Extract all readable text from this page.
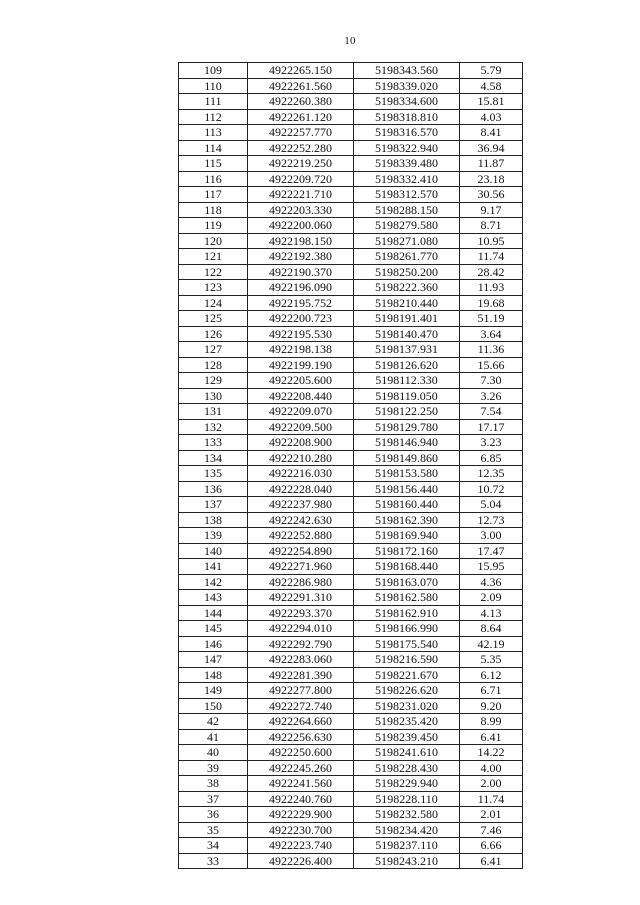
10
109	4922265.150	5198343.560	5.79
110	4922261.560	5198339.020	4.58
111	4922260.380	5198334.600	15.81
112	4922261.120	5198318.810	4.03
113	4922257.770	5198316.570	8.41
114	4922252.280	5198322.940	36.94
115	4922219.250	5198339.480	11.87
116	4922209.720	5198332.410	23.18
117	4922221.710	5198312.570	30.56
118	4922203.330	5198288.150	9.17
119	4922200.060	5198279.580	8.71
120	4922198.150	5198271.080	10.95
121	4922192.380	5198261.770	11.74
122	4922190.370	5198250.200	28.42
123	4922196.090	5198222.360	11.93
124	4922195.752	5198210.440	19.68
125	4922200.723	5198191.401	51.19
126	4922195.530	5198140.470	3.64
127	4922198.138	5198137.931	11.36
128	4922199.190	5198126.620	15.66
129	4922205.600	5198112.330	7.30
130	4922208.440	5198119.050	3.26
131	4922209.070	5198122.250	7.54
132	4922209.500	5198129.780	17.17
133	4922208.900	5198146.940	3.23
134	4922210.280	5198149.860	6.85
135	4922216.030	5198153.580	12.35
136	4922228.040	5198156.440	10.72
137	4922237.980	5198160.440	5.04
138	4922242.630	5198162.390	12.73
139	4922252.880	5198169.940	3.00
140	4922254.890	5198172.160	17.47
141	4922271.960	5198168.440	15.95
142	4922286.980	5198163.070	4.36
143	4922291.310	5198162.580	2.09
144	4922293.370	5198162.910	4.13
145	4922294.010	5198166.990	8.64
146	4922292.790	5198175.540	42.19
147	4922283.060	5198216.590	5.35
148	4922281.390	5198221.670	6.12
149	4922277.800	5198226.620	6.71
150	4922272.740	5198231.020	9.20
42	4922264.660	5198235.420	8.99
41	4922256.630	5198239.450	6.41
40	4922250.600	5198241.610	14.22
39	4922245.260	5198228.430	4.00
38	4922241.560	5198229.940	2.00
37	4922240.760	5198228.110	11.74
36	4922229.900	5198232.580	2.01
35	4922230.700	5198234.420	7.46
34	4922223.740	5198237.110	6.66
33	4922226.400	5198243.210	6.41
